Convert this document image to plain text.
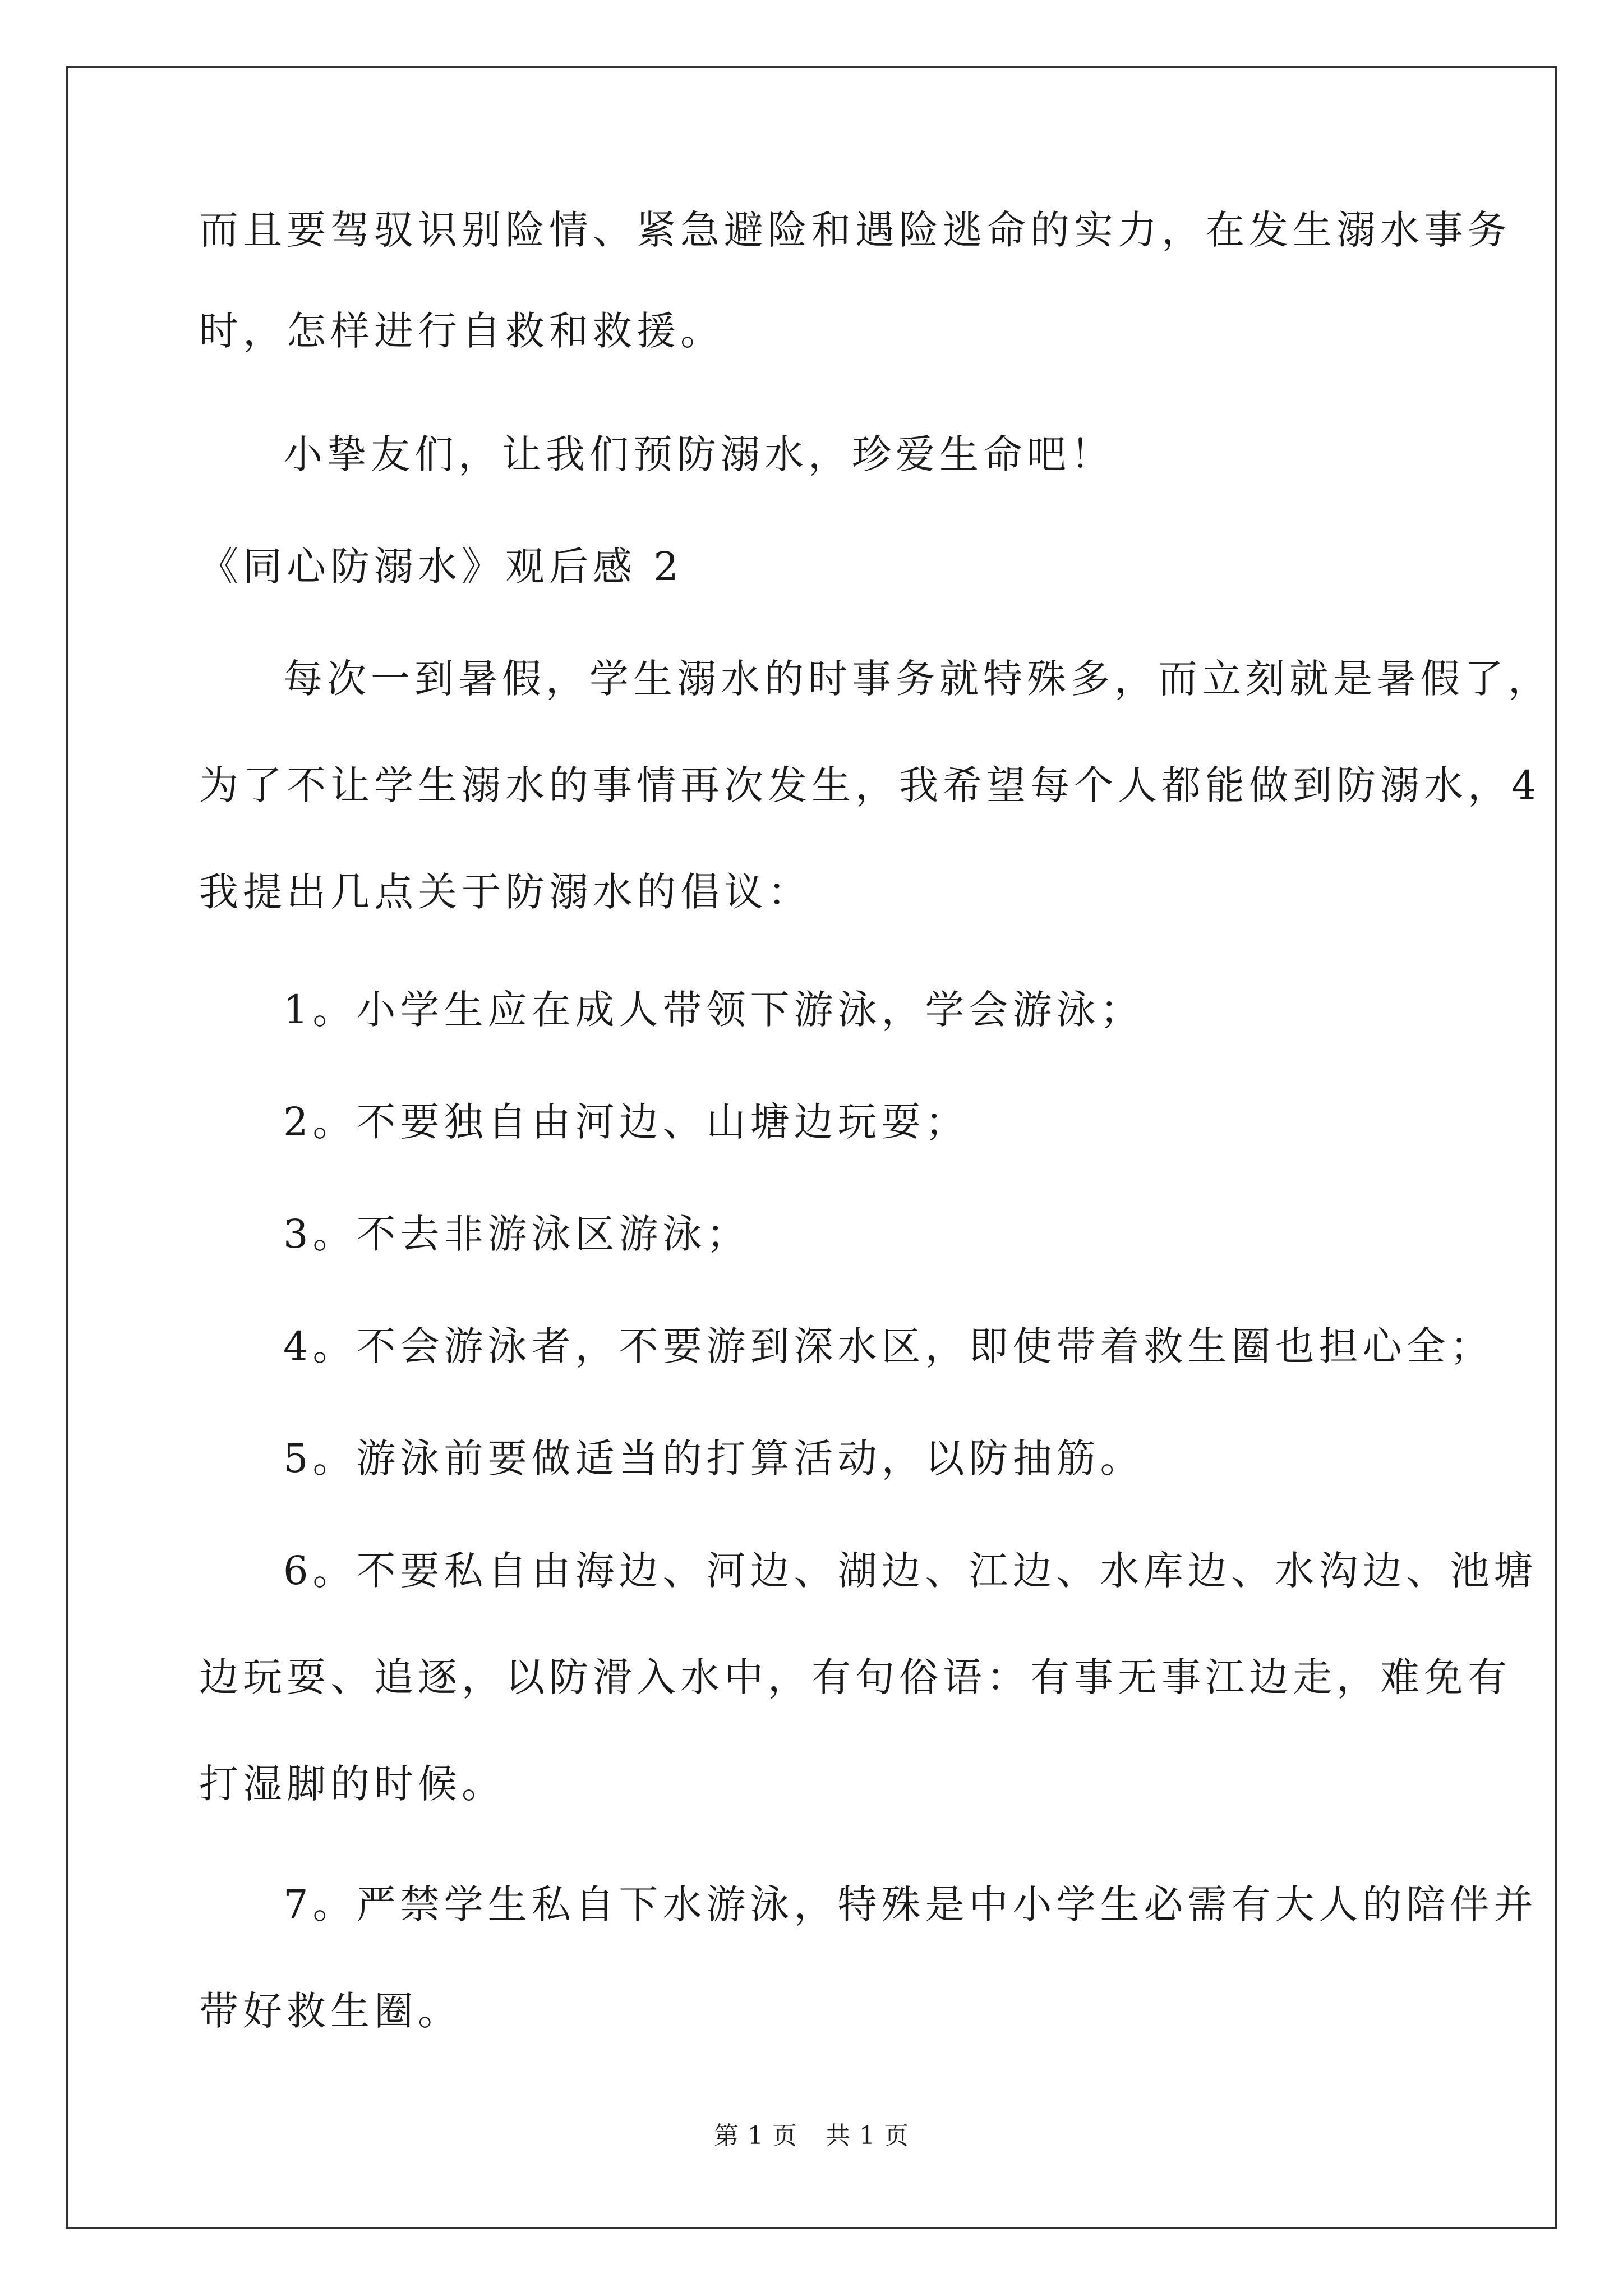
而且要驾驭识别险情、紧急避险和遇险逃命的实力，在发生溺水事务
时，怎样进行自救和救援。
小挚友们，让我们预防溺水，珍爱生命吧！
《同心防溺水》观后感 2
每次一到暑假，学生溺水的时事务就特殊多，而立刻就是暑假了，
为了不让学生溺水的事情再次发生，我希望每个人都能做到防溺水，4
我提出几点关于防溺水的倡议：
1。小学生应在成人带领下游泳，学会游泳；
2。不要独自由河边、山塘边玩耍；
3。不去非游泳区游泳；
4。不会游泳者，不要游到深水区，即使带着救生圈也担心全；
5。游泳前要做适当的打算活动，以防抽筋。
6。不要私自由海边、河边、湖边、江边、水库边、水沟边、池塘
边玩耍、追逐，以防滑入水中，有句俗语：有事无事江边走，难免有
打湿脚的时候。
7。严禁学生私自下水游泳，特殊是中小学生必需有大人的陪伴并
带好救生圈。
第 1 页 共 1 页
